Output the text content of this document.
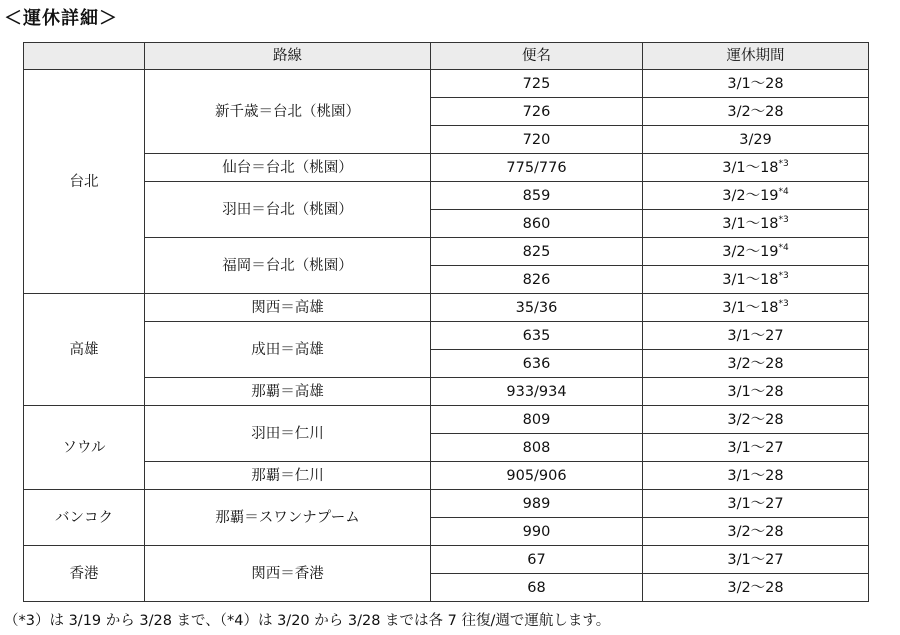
＜運休詳細＞
	路線	便名	運休期間
台北	新千歳＝台北（桃園）	725	3/1～28
		726	3/2～28
		720	3/29
	仙台＝台北（桃園）	775/776	3/1～18$^{*3}$
	羽田＝台北（桃園）	859	3/2～19$^{*4}$
		860	3/1～18$^{*3}$
	福岡＝台北（桃園）	825	3/2～19$^{*4}$
		826	3/1～18$^{*3}$
高雄	関西＝高雄	35/36	3/1～18$^{*3}$
	成田＝高雄	635	3/1～27
		636	3/2～28
	那覇＝高雄	933/934	3/1～28
ソウル	羽田＝仁川	809	3/2～28
		808	3/1～27
	那覇＝仁川	905/906	3/1～28
バンコク	那覇＝スワンナプーム	989	3/1～27
		990	3/2～28
香港	関西＝香港	67	3/1～27
		68	3/2～28
（*3）は 3/19 から 3/28 まで、（*4）は 3/20 から 3/28 までは各 7 往復/週で運航します。
